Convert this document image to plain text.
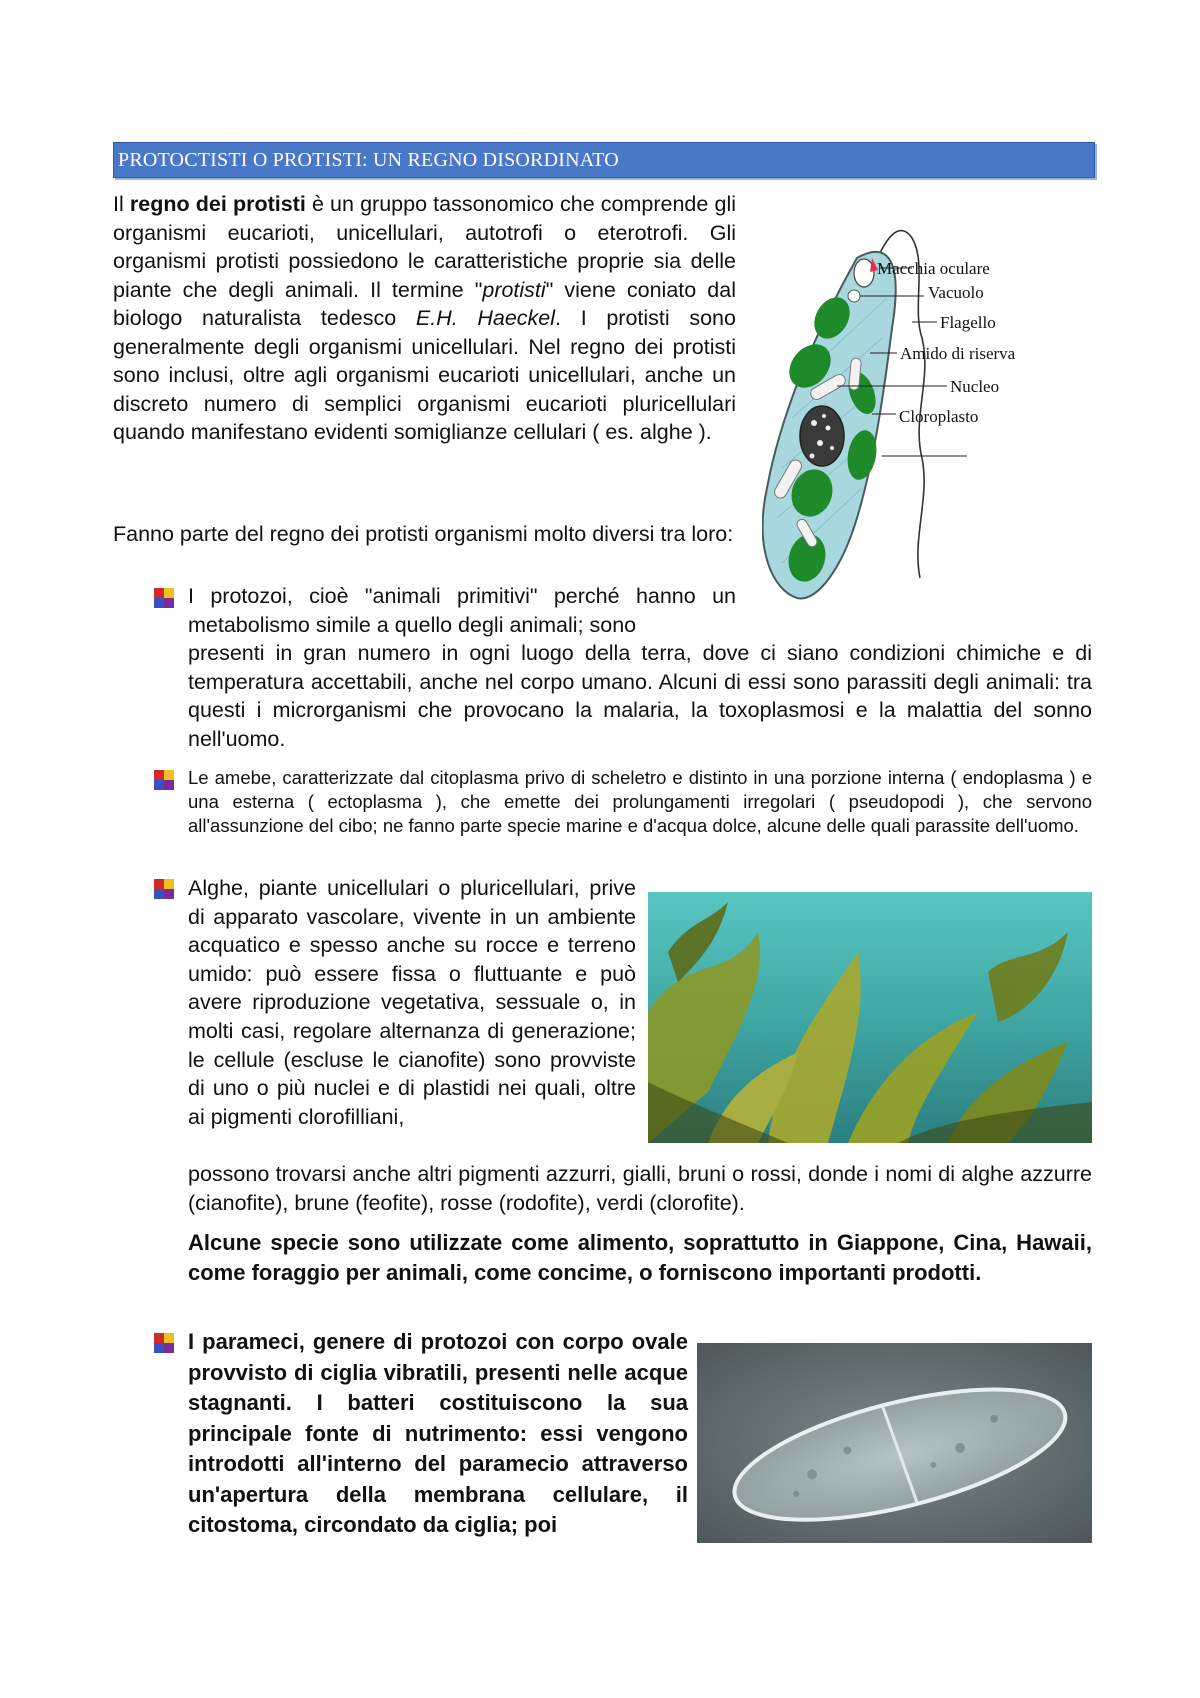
PROTOCTISTI O PROTISTI: UN REGNO DISORDINATO

Il regno dei protisti è un gruppo tassonomico che comprende gli organismi eucarioti, unicellulari, autotrofi o eterotrofi. Gli organismi protisti possiedono le caratteristiche proprie sia delle piante che degli animali. Il termine "protisti" viene coniato dal biologo naturalista tedesco E.H. Haeckel. I protisti sono generalmente degli organismi unicellulari. Nel regno dei protisti sono inclusi, oltre agli organismi eucarioti unicellulari, anche un discreto numero di semplici organismi eucarioti pluricellulari quando manifestano evidenti somiglianze cellulari ( es. alghe ).

Fanno parte del regno dei protisti organismi molto diversi tra loro:

Macchia oculare
Vacuolo
Flagello
Amido di riserva
Nucleo
Cloroplasto

I protozoi, cioè "animali primitivi" perché hanno un metabolismo simile a quello degli animali; sono

presenti in gran numero in ogni luogo della terra, dove ci siano condizioni chimiche e di temperatura accettabili, anche nel corpo umano. Alcuni di essi sono parassiti degli animali: tra questi i microrganismi che provocano la malaria, la toxoplasmosi e la malattia del sonno nell'uomo.

Le amebe, caratterizzate dal citoplasma privo di scheletro e distinto in una porzione interna ( endoplasma ) e una esterna ( ectoplasma ), che emette dei prolungamenti irregolari ( pseudopodi ), che servono all'assunzione del cibo; ne fanno parte specie marine e d'acqua dolce, alcune delle quali parassite dell'uomo.

Alghe, piante unicellulari o pluricellulari, prive di apparato vascolare, vivente in un ambiente acquatico e spesso anche su rocce e terreno umido: può essere fissa o fluttuante e può avere riproduzione vegetativa, sessuale o, in molti casi, regolare alternanza di generazione; le cellule (escluse le cianofite) sono provviste di uno o più nuclei e di plastidi nei quali, oltre ai pigmenti clorofilliani,

possono trovarsi anche altri pigmenti azzurri, gialli, bruni o rossi, donde i nomi di alghe azzurre (cianofite), brune (feofite), rosse (rodofite), verdi (clorofite).

Alcune specie sono utilizzate come alimento, soprattutto in Giappone, Cina, Hawaii, come foraggio per animali, come concime, o forniscono importanti prodotti.

I parameci, genere di protozoi con corpo ovale provvisto di ciglia vibratili, presenti nelle acque stagnanti. I batteri costituiscono la sua principale fonte di nutrimento: essi vengono introdotti all'interno del paramecio attraverso un'apertura della membrana cellulare, il citostoma, circondato da ciglia; poi
